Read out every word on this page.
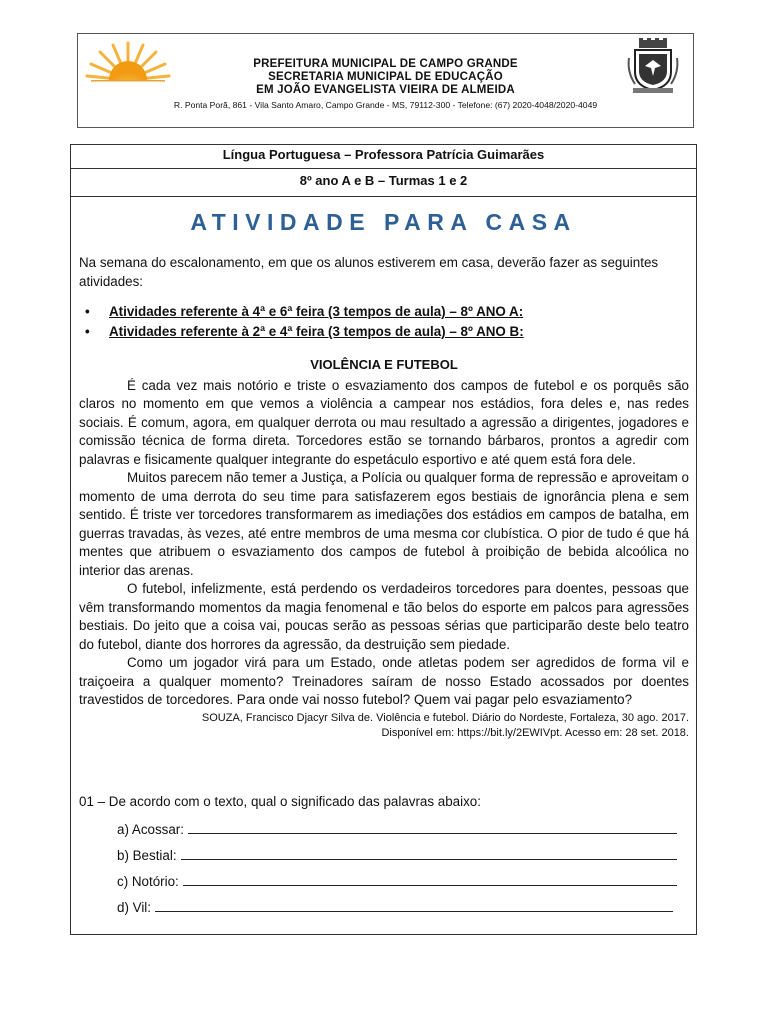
PREFEITURA MUNICIPAL DE CAMPO GRANDE
SECRETARIA MUNICIPAL DE EDUCAÇÃO
EM JOÃO EVANGELISTA VIEIRA DE ALMEIDA
R. Ponta Porã, 861 - Vila Santo Amaro, Campo Grande - MS, 79112-300 - Telefone: (67) 2020-4048/2020-4049
Língua Portuguesa – Professora Patrícia Guimarães
8º ano A e B – Turmas 1 e 2
ATIVIDADE PARA CASA
Na semana do escalonamento, em que os alunos estiverem em casa, deverão fazer as seguintes atividades:
• Atividades referente à 4ª e 6ª feira (3 tempos de aula) – 8º ANO A:
• Atividades referente à 2ª e 4ª feira (3 tempos de aula) – 8º ANO B:
VIOLÊNCIA E FUTEBOL

É cada vez mais notório e triste o esvaziamento dos campos de futebol e os porquês são claros no momento em que vemos a violência a campear nos estádios, fora deles e, nas redes sociais. É comum, agora, em qualquer derrota ou mau resultado a agressão a dirigentes, jogadores e comissão técnica de forma direta. Torcedores estão se tornando bárbaros, prontos a agredir com palavras e fisicamente qualquer integrante do espetáculo esportivo e até quem está fora dele.

Muitos parecem não temer a Justiça, a Polícia ou qualquer forma de repressão e aproveitam o momento de uma derrota do seu time para satisfazerem egos bestiais de ignorância plena e sem sentido. É triste ver torcedores transformarem as imediações dos estádios em campos de batalha, em guerras travadas, às vezes, até entre membros de uma mesma cor clubística. O pior de tudo é que há mentes que atribuem o esvaziamento dos campos de futebol à proibição de bebida alcoólica no interior das arenas.

O futebol, infelizmente, está perdendo os verdadeiros torcedores para doentes, pessoas que vêm transformando momentos da magia fenomenal e tão belos do esporte em palcos para agressões bestiais. Do jeito que a coisa vai, poucas serão as pessoas sérias que participarão deste belo teatro do futebol, diante dos horrores da agressão, da destruição sem piedade.

Como um jogador virá para um Estado, onde atletas podem ser agredidos de forma vil e traiçoeira a qualquer momento? Treinadores saíram de nosso Estado acossados por doentes travestidos de torcedores. Para onde vai nosso futebol? Quem vai pagar pelo esvaziamento?

SOUZA, Francisco Djacyr Silva de. Violência e futebol. Diário do Nordeste, Fortaleza, 30 ago. 2017.
Disponível em: https://bit.ly/2EWIVpt. Acesso em: 28 set. 2018.
01 – De acordo com o texto, qual o significado das palavras abaixo:
a) Acossar:
b) Bestial:
c) Notório:
d) Vil:
